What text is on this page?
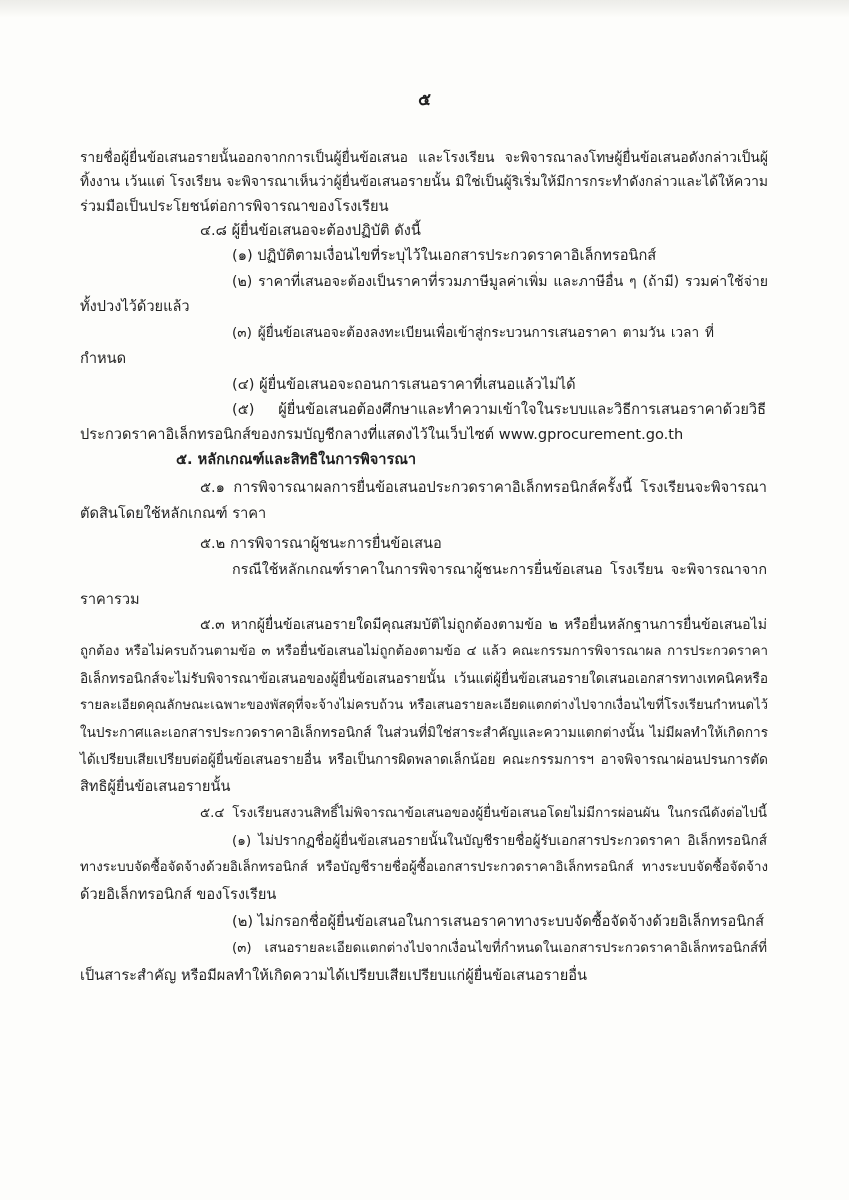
๕
รายชื่อผู้ยื่นข้อเสนอรายนั้นออกจากการเป็นผู้ยื่นข้อเสนอ และโรงเรียน จะพิจารณาลงโทษผู้ยื่นข้อเสนอดังกล่าวเป็นผู้
ทิ้งงาน เว้นแต่ โรงเรียน จะพิจารณาเห็นว่าผู้ยื่นข้อเสนอรายนั้น มิใช่เป็นผู้ริเริ่มให้มีการกระทำดังกล่าวและได้ให้ความ
ร่วมมือเป็นประโยชน์ต่อการพิจารณาของโรงเรียน
๔.๘ ผู้ยื่นข้อเสนอจะต้องปฏิบัติ ดังนี้
(๑) ปฏิบัติตามเงื่อนไขที่ระบุไว้ในเอกสารประกวดราคาอิเล็กทรอนิกส์
(๒) ราคาที่เสนอจะต้องเป็นราคาที่รวมภาษีมูลค่าเพิ่ม และภาษีอื่น ๆ (ถ้ามี) รวมค่าใช้จ่าย
ทั้งปวงไว้ด้วยแล้ว
(๓) ผู้ยื่นข้อเสนอจะต้องลงทะเบียนเพื่อเข้าสู่กระบวนการเสนอราคา ตามวัน เวลา ที่
กำหนด
(๔) ผู้ยื่นข้อเสนอจะถอนการเสนอราคาที่เสนอแล้วไม่ได้
(๕) ผู้ยื่นข้อเสนอต้องศึกษาและทำความเข้าใจในระบบและวิธีการเสนอราคาด้วยวิธี
ประกวดราคาอิเล็กทรอนิกส์ของกรมบัญชีกลางที่แสดงไว้ในเว็บไซต์ www.gprocurement.go.th
๕. หลักเกณฑ์และสิทธิในการพิจารณา
๕.๑ การพิจารณาผลการยื่นข้อเสนอประกวดราคาอิเล็กทรอนิกส์ครั้งนี้ โรงเรียนจะพิจารณา
ตัดสินโดยใช้หลักเกณฑ์ ราคา
๕.๒ การพิจารณาผู้ชนะการยื่นข้อเสนอ
กรณีใช้หลักเกณฑ์ราคาในการพิจารณาผู้ชนะการยื่นข้อเสนอ โรงเรียน จะพิจารณาจาก
ราคารวม
๕.๓ หากผู้ยื่นข้อเสนอรายใดมีคุณสมบัติไม่ถูกต้องตามข้อ ๒ หรือยื่นหลักฐานการยื่นข้อเสนอไม่
ถูกต้อง หรือไม่ครบถ้วนตามข้อ ๓ หรือยื่นข้อเสนอไม่ถูกต้องตามข้อ ๔ แล้ว คณะกรรมการพิจารณาผล การประกวดราคา
อิเล็กทรอนิกส์จะไม่รับพิจารณาข้อเสนอของผู้ยื่นข้อเสนอรายนั้น เว้นแต่ผู้ยื่นข้อเสนอรายใดเสนอเอกสารทางเทคนิคหรือ
รายละเอียดคุณลักษณะเฉพาะของพัสดุที่จะจ้างไม่ครบถ้วน หรือเสนอรายละเอียดแตกต่างไปจากเงื่อนไขที่โรงเรียนกำหนดไว้
ในประกาศและเอกสารประกวดราคาอิเล็กทรอนิกส์ ในส่วนที่มิใช่สาระสำคัญและความแตกต่างนั้น ไม่มีผลทำให้เกิดการ
ได้เปรียบเสียเปรียบต่อผู้ยื่นข้อเสนอรายอื่น หรือเป็นการผิดพลาดเล็กน้อย คณะกรรมการฯ อาจพิจารณาผ่อนปรนการตัด
สิทธิผู้ยื่นข้อเสนอรายนั้น
๕.๔ โรงเรียนสงวนสิทธิ์ไม่พิจารณาข้อเสนอของผู้ยื่นข้อเสนอโดยไม่มีการผ่อนผัน ในกรณีดังต่อไปนี้
(๑) ไม่ปรากฏชื่อผู้ยื่นข้อเสนอรายนั้นในบัญชีรายชื่อผู้รับเอกสารประกวดราคา อิเล็กทรอนิกส์
ทางระบบจัดซื้อจัดจ้างด้วยอิเล็กทรอนิกส์ หรือบัญชีรายชื่อผู้ซื้อเอกสารประกวดราคาอิเล็กทรอนิกส์ ทางระบบจัดซื้อจัดจ้าง
ด้วยอิเล็กทรอนิกส์ ของโรงเรียน
(๒) ไม่กรอกชื่อผู้ยื่นข้อเสนอในการเสนอราคาทางระบบจัดซื้อจัดจ้างด้วยอิเล็กทรอนิกส์
(๓) เสนอรายละเอียดแตกต่างไปจากเงื่อนไขที่กำหนดในเอกสารประกวดราคาอิเล็กทรอนิกส์ที่
เป็นสาระสำคัญ หรือมีผลทำให้เกิดความได้เปรียบเสียเปรียบแก่ผู้ยื่นข้อเสนอรายอื่น
